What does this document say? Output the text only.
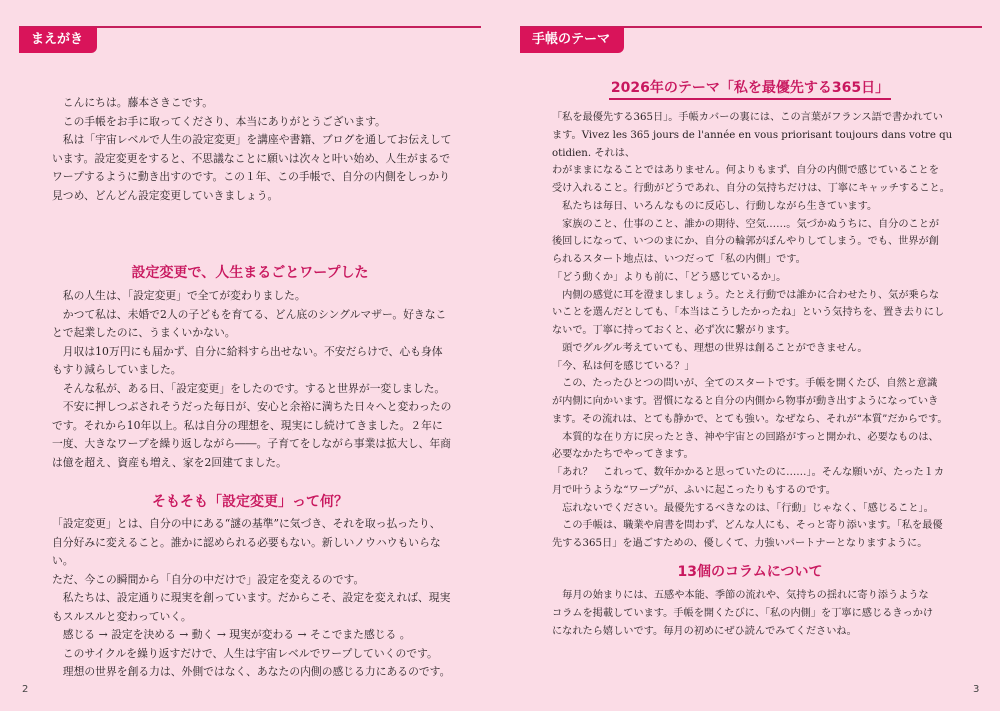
まえがき
　こんにちは。藤本さきこです。
　この手帳をお手に取ってくださり、本当にありがとうございます。
　私は「宇宙レベルで人生の設定変更」を講座や書籍、ブログを通してお伝えして
います。設定変更をすると、不思議なことに願いは次々と叶い始め、人生がまるで
ワープするように動き出すのです。この１年、この手帳で、自分の内側をしっかり
見つめ、どんどん設定変更していきましょう。
設定変更で、人生まるごとワープした
　私の人生は、「設定変更」で全てが変わりました。
　かつて私は、未婚で2人の子どもを育てる、どん底のシングルマザー。好きなこ
とで起業したのに、うまくいかない。
　月収は10万円にも届かず、自分に給料すら出せない。不安だらけで、心も身体
もすり減らしていました。
　そんな私が、ある日、「設定変更」をしたのです。すると世界が一変しました。
　不安に押しつぶされそうだった毎日が、安心と余裕に満ちた日々へと変わったの
です。それから10年以上。私は自分の理想を、現実にし続けてきました。２年に
一度、大きなワープを繰り返しながら――。子育てをしながら事業は拡大し、年商
は億を超え、資産も増え、家を2回建てました。
そもそも「設定変更」って何？
「設定変更」とは、自分の中にある“謎の基準”に気づき、それを取っ払ったり、
自分好みに変えること。誰かに認められる必要もない。新しいノウハウもいらない。
ただ、今この瞬間から「自分の中だけで」設定を変えるのです。
　私たちは、設定通りに現実を創っています。だからこそ、設定を変えれば、現実
もスルスルと変わっていく。
　感じる → 設定を決める → 動く → 現実が変わる → そこでまた感じる 。
　このサイクルを繰り返すだけで、人生は宇宙レベルでワープしていくのです。
　理想の世界を創る力は、外側ではなく、あなたの内側の感じる力にあるのです。
2
手帳のテーマ
2026年のテーマ「私を最優先する365日」
「私を最優先する365日」。手帳カバーの裏には、この言葉がフランス語で書かれてい
ます。Vivez les 365 jours de l'année en vous priorisant toujours dans votre quotidien. それは、
わがままになることではありません。何よりもまず、自分の内側で感じていることを
受け入れること。行動がどうであれ、自分の気持ちだけは、丁寧にキャッチすること。
　私たちは毎日、いろんなものに反応し、行動しながら生きています。
　家族のこと、仕事のこと、誰かの期待、空気……。気づかぬうちに、自分のことが
後回しになって、いつのまにか、自分の輪郭がぼんやりしてしまう。でも、世界が創
られるスタート地点は、いつだって「私の内側」です。
「どう動くか」よりも前に、「どう感じているか」。
　内側の感覚に耳を澄ましましょう。たとえ行動では誰かに合わせたり、気が乗らな
いことを選んだとしても、「本当はこうしたかったね」という気持ちを、置き去りにし
ないで。丁寧に持っておくと、必ず次に繋がります。
　頭でグルグル考えていても、理想の世界は創ることができません。
「今、私は何を感じている？」
　この、たったひとつの問いが、全てのスタートです。手帳を開くたび、自然と意識
が内側に向かいます。習慣になると自分の内側から物事が動き出すようになっていき
ます。その流れは、とても静かで、とても強い。なぜなら、それが“本質”だからです。
　本質的な在り方に戻ったとき、神や宇宙との回路がすっと開かれ、必要なものは、
必要なかたちでやってきます。
「あれ？　これって、数年かかると思っていたのに……」。そんな願いが、たった１カ
月で叶うような“ワープ”が、ふいに起こったりもするのです。
　忘れないでください。最優先するべきなのは、「行動」じゃなく、「感じること」。
　この手帳は、職業や肩書を問わず、どんな人にも、そっと寄り添います。「私を最優
先する365日」を過ごすための、優しくて、力強いパートナーとなりますように。
13個のコラムについて
　毎月の始まりには、五感や本能、季節の流れや、気持ちの揺れに寄り添うような
コラムを掲載しています。手帳を開くたびに、「私の内側」を丁寧に感じるきっかけ
になれたら嬉しいです。毎月の初めにぜひ読んでみてくださいね。
3
